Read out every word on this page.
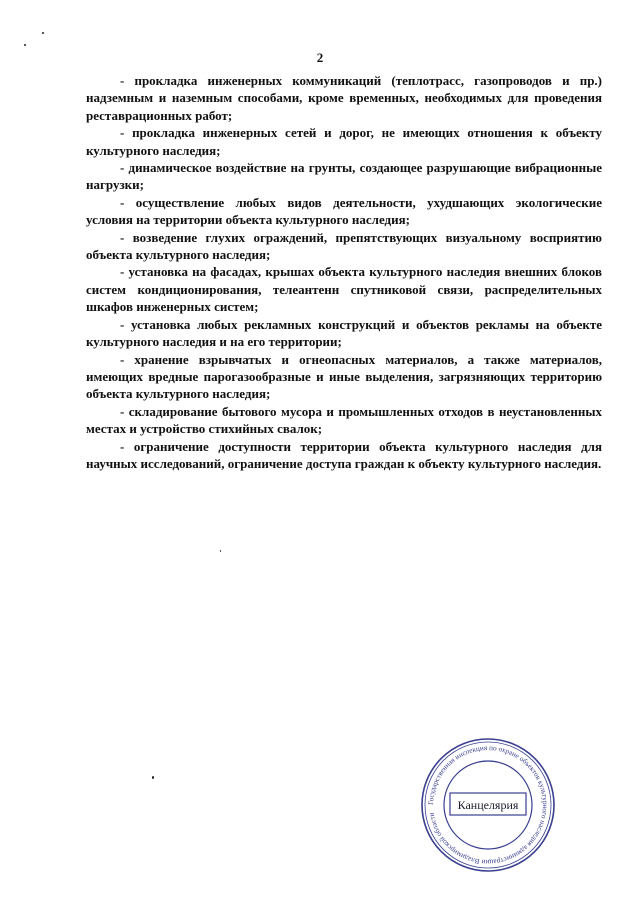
2

- прокладка инженерных коммуникаций (теплотрасс, газопроводов и пр.) надземным и наземным способами, кроме временных, необходимых для проведения реставрационных работ;

- прокладка инженерных сетей и дорог, не имеющих отношения к объекту культурного наследия;

- динамическое воздействие на грунты, создающее разрушающие вибрационные нагрузки;

- осуществление любых видов деятельности, ухудшающих экологические условия на территории объекта культурного наследия;

- возведение глухих ограждений, препятствующих визуальному восприятию объекта культурного наследия;

- установка на фасадах, крышах объекта культурного наследия внешних блоков систем кондиционирования, телеантенн спутниковой связи, распределительных шкафов инженерных систем;

- установка любых рекламных конструкций и объектов рекламы на объекте культурного наследия и на его территории;

- хранение взрывчатых и огнеопасных материалов, а также материалов, имеющих вредные парогазообразные и иные выделения, загрязняющих территорию объекта культурного наследия;

- складирование бытового мусора и промышленных отходов в неустановленных местах и устройство стихийных свалок;

- ограничение доступности территории объекта культурного наследия для научных исследований, ограничение доступа граждан к объекту культурного наследия.

Государственная инспекция по охране объектов культурного наследия администрации Владимирской области
Канцелярия
